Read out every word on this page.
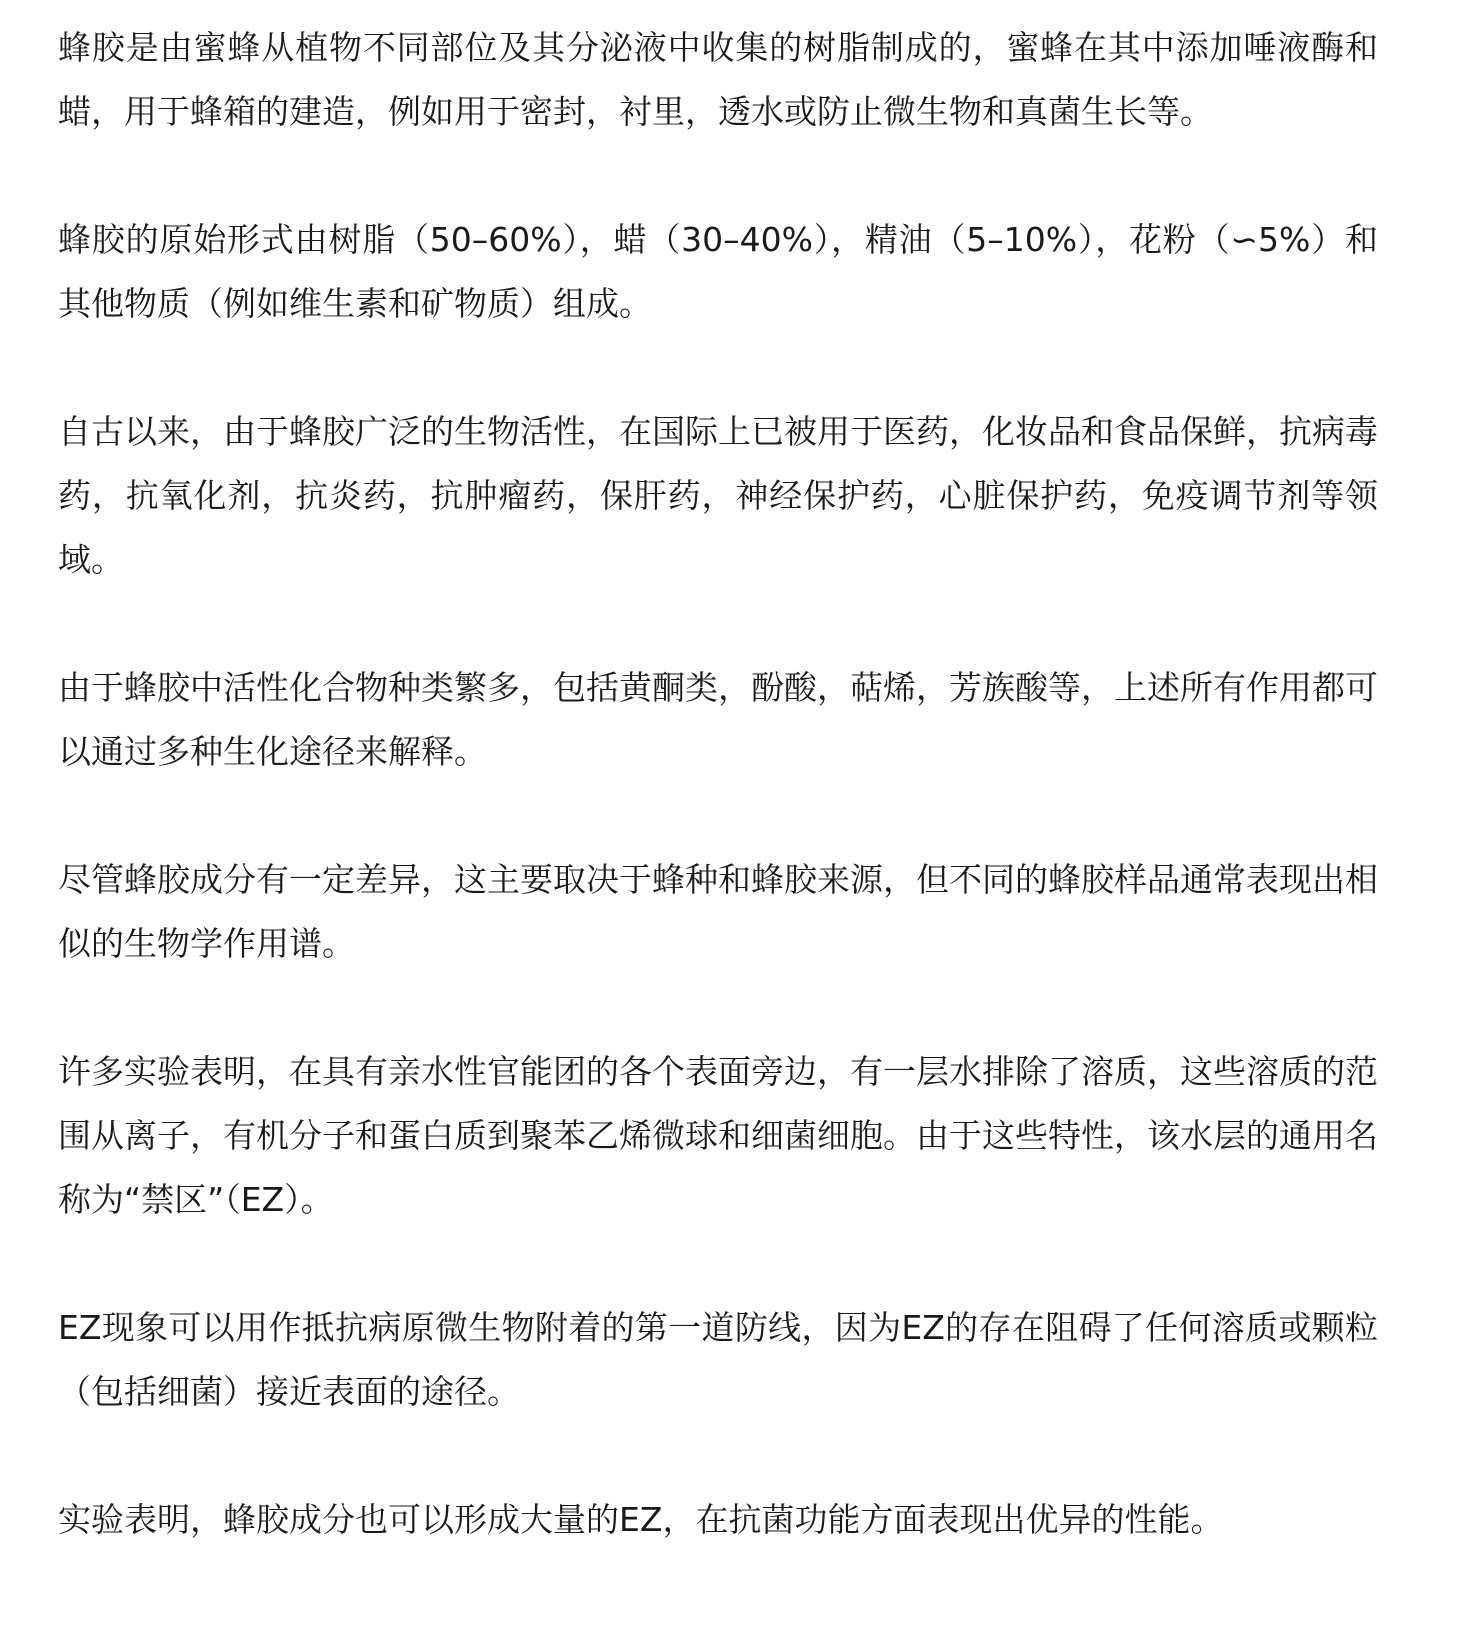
蜂胶是由蜜蜂从植物不同部位及其分泌液中收集的树脂制成的，蜜蜂在其中添加唾液酶和蜡，用于蜂箱的建造，例如用于密封，衬里，透水或防止微生物和真菌生长等。

蜂胶的原始形式由树脂（50–60%），蜡（30–40%），精油（5–10%），花粉（∽5%）和其他物质（例如维生素和矿物质）组成。

自古以来，由于蜂胶广泛的生物活性，在国际上已被用于医药，化妆品和食品保鲜，抗病毒药，抗氧化剂，抗炎药，抗肿瘤药，保肝药，神经保护药，心脏保护药，免疫调节剂等领域。

由于蜂胶中活性化合物种类繁多，包括黄酮类，酚酸，萜烯，芳族酸等，上述所有作用都可以通过多种生化途径来解释。

尽管蜂胶成分有一定差异，这主要取决于蜂种和蜂胶来源，但不同的蜂胶样品通常表现出相似的生物学作用谱。

许多实验表明，在具有亲水性官能团的各个表面旁边，有一层水排除了溶质，这些溶质的范围从离子，有机分子和蛋白质到聚苯乙烯微球和细菌细胞。由于这些特性，该水层的通用名称为“禁区”（EZ）。

EZ现象可以用作抵抗病原微生物附着的第一道防线，因为EZ的存在阻碍了任何溶质或颗粒（包括细菌）接近表面的途径。

实验表明，蜂胶成分也可以形成大量的EZ，在抗菌功能方面表现出优异的性能。
